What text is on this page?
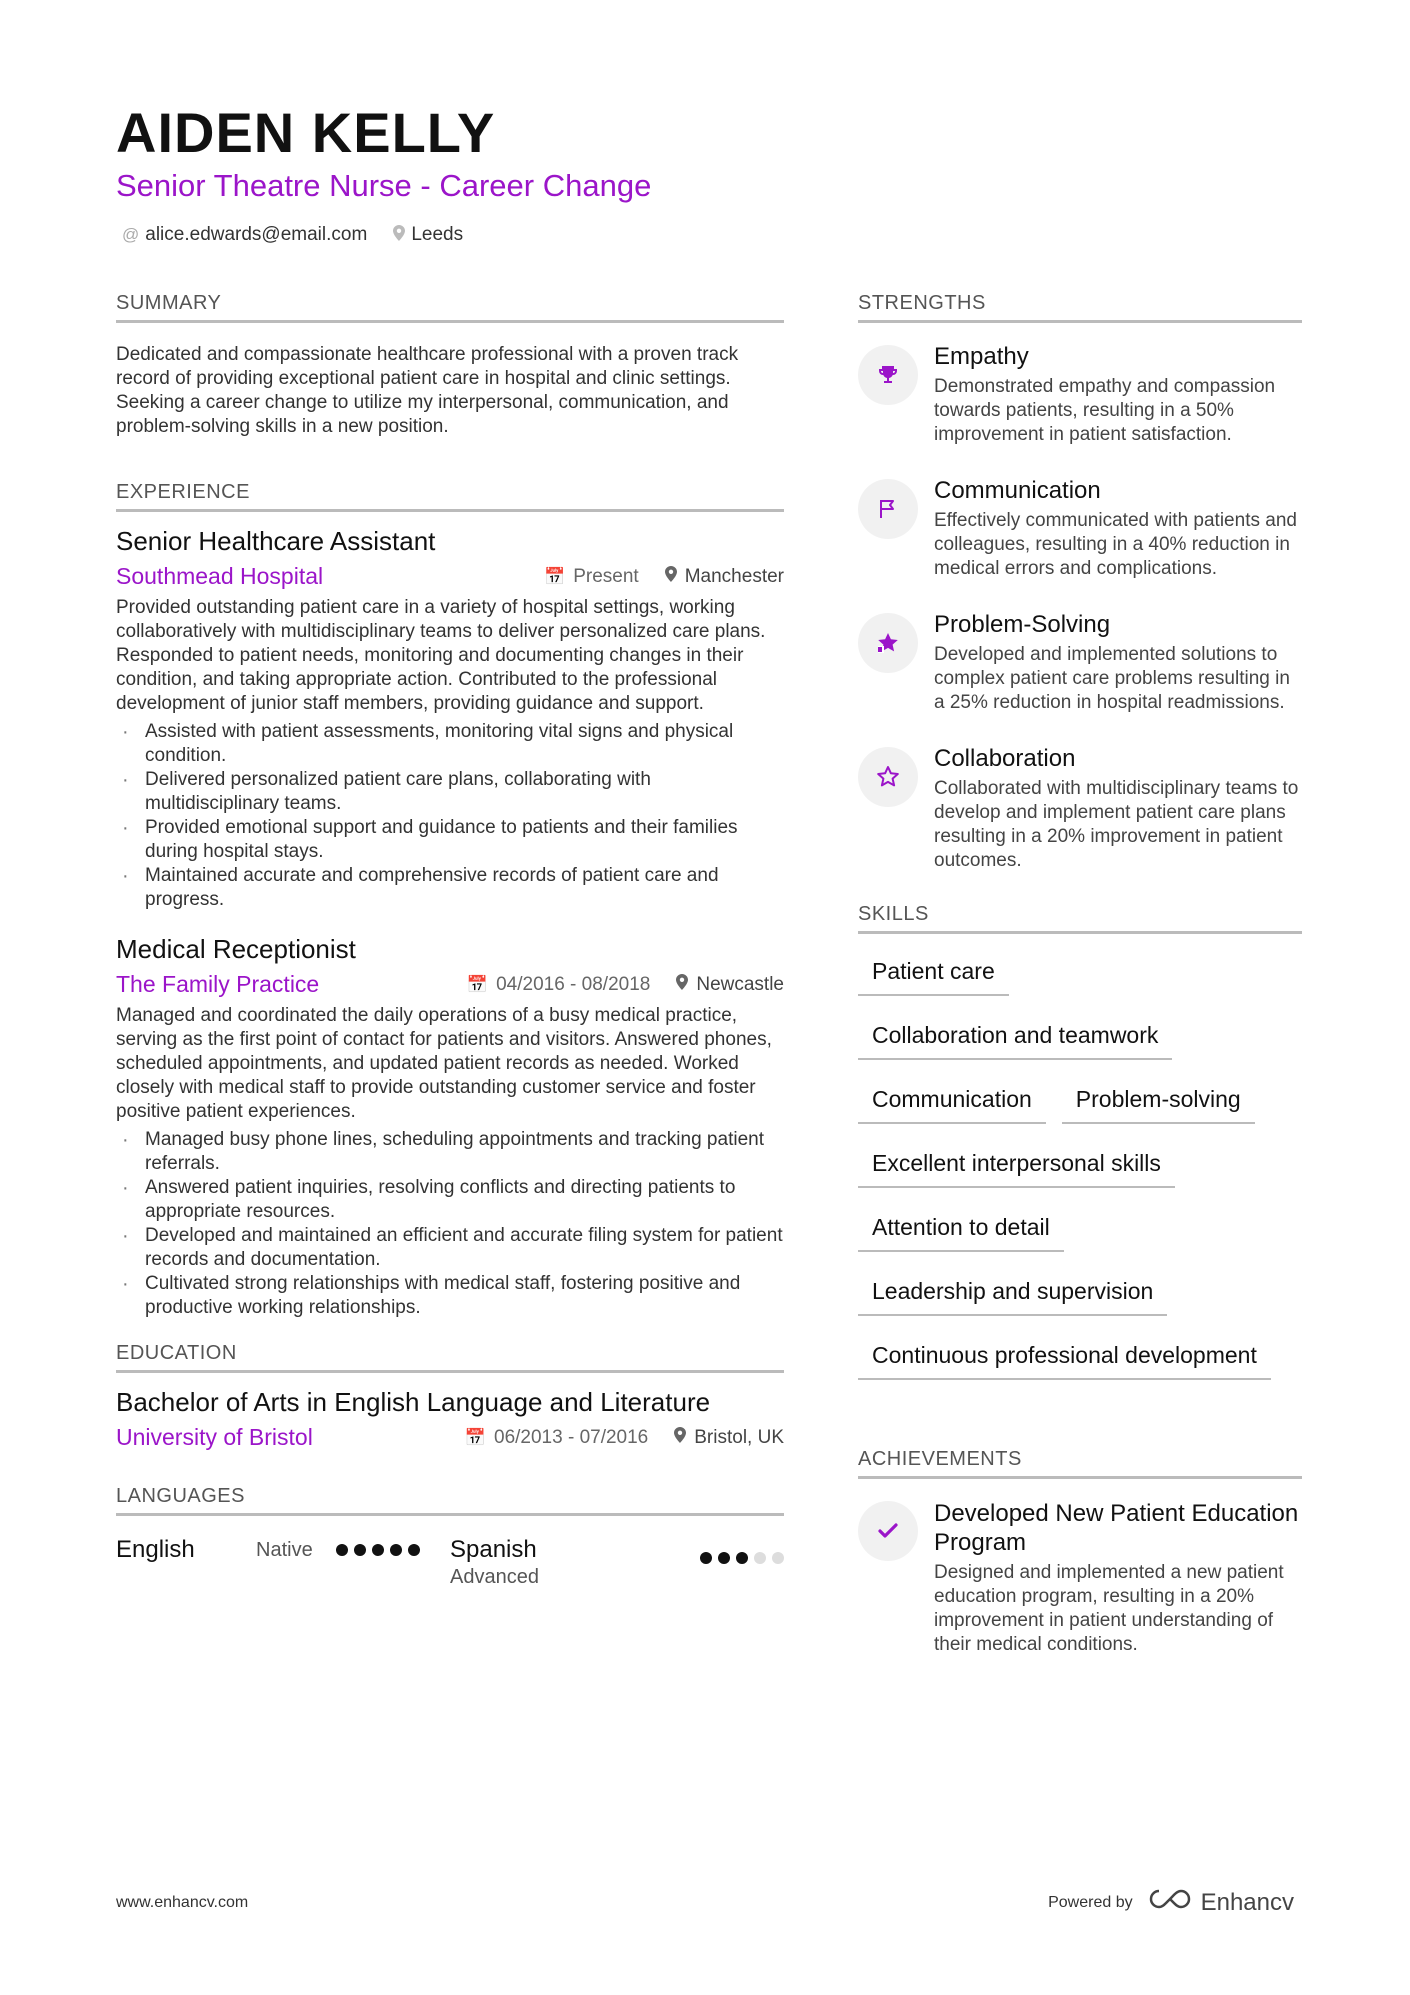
AIDEN KELLY
Senior Theatre Nurse - Career Change
@ alice.edwards@email.com Leeds
SUMMARY
Dedicated and compassionate healthcare professional with a proven track record of providing exceptional patient care in hospital and clinic settings. Seeking a career change to utilize my interpersonal, communication, and problem-solving skills in a new position.
EXPERIENCE
Senior Healthcare Assistant
Southmead Hospital	📅 Present	Manchester
Provided outstanding patient care in a variety of hospital settings, working collaboratively with multidisciplinary teams to deliver personalized care plans. Responded to patient needs, monitoring and documenting changes in their condition, and taking appropriate action. Contributed to the professional development of junior staff members, providing guidance and support.
· Assisted with patient assessments, monitoring vital signs and physical condition.
· Delivered personalized patient care plans, collaborating with multidisciplinary teams.
· Provided emotional support and guidance to patients and their families during hospital stays.
· Maintained accurate and comprehensive records of patient care and progress.
Medical Receptionist
The Family Practice	📅 04/2016 - 08/2018	Newcastle
Managed and coordinated the daily operations of a busy medical practice, serving as the first point of contact for patients and visitors. Answered phones, scheduled appointments, and updated patient records as needed. Worked closely with medical staff to provide outstanding customer service and foster positive patient experiences.
· Managed busy phone lines, scheduling appointments and tracking patient referrals.
· Answered patient inquiries, resolving conflicts and directing patients to appropriate resources.
· Developed and maintained an efficient and accurate filing system for patient records and documentation.
· Cultivated strong relationships with medical staff, fostering positive and productive working relationships.
EDUCATION
Bachelor of Arts in English Language and Literature
University of Bristol	📅 06/2013 - 07/2016	Bristol, UK
LANGUAGES
English	Native	Spanish
Advanced
STRENGTHS
Empathy
Demonstrated empathy and compassion towards patients, resulting in a 50% improvement in patient satisfaction.
Communication
Effectively communicated with patients and colleagues, resulting in a 40% reduction in medical errors and complications.
Problem-Solving
Developed and implemented solutions to complex patient care problems resulting in a 25% reduction in hospital readmissions.
Collaboration
Collaborated with multidisciplinary teams to develop and implement patient care plans resulting in a 20% improvement in patient outcomes.
SKILLS
Patient care
Collaboration and teamwork
Communication	Problem-solving
Excellent interpersonal skills
Attention to detail
Leadership and supervision
Continuous professional development
ACHIEVEMENTS
Developed New Patient Education Program
Designed and implemented a new patient education program, resulting in a 20% improvement in patient understanding of their medical conditions.
www.enhancv.com	Powered by	Enhancv
